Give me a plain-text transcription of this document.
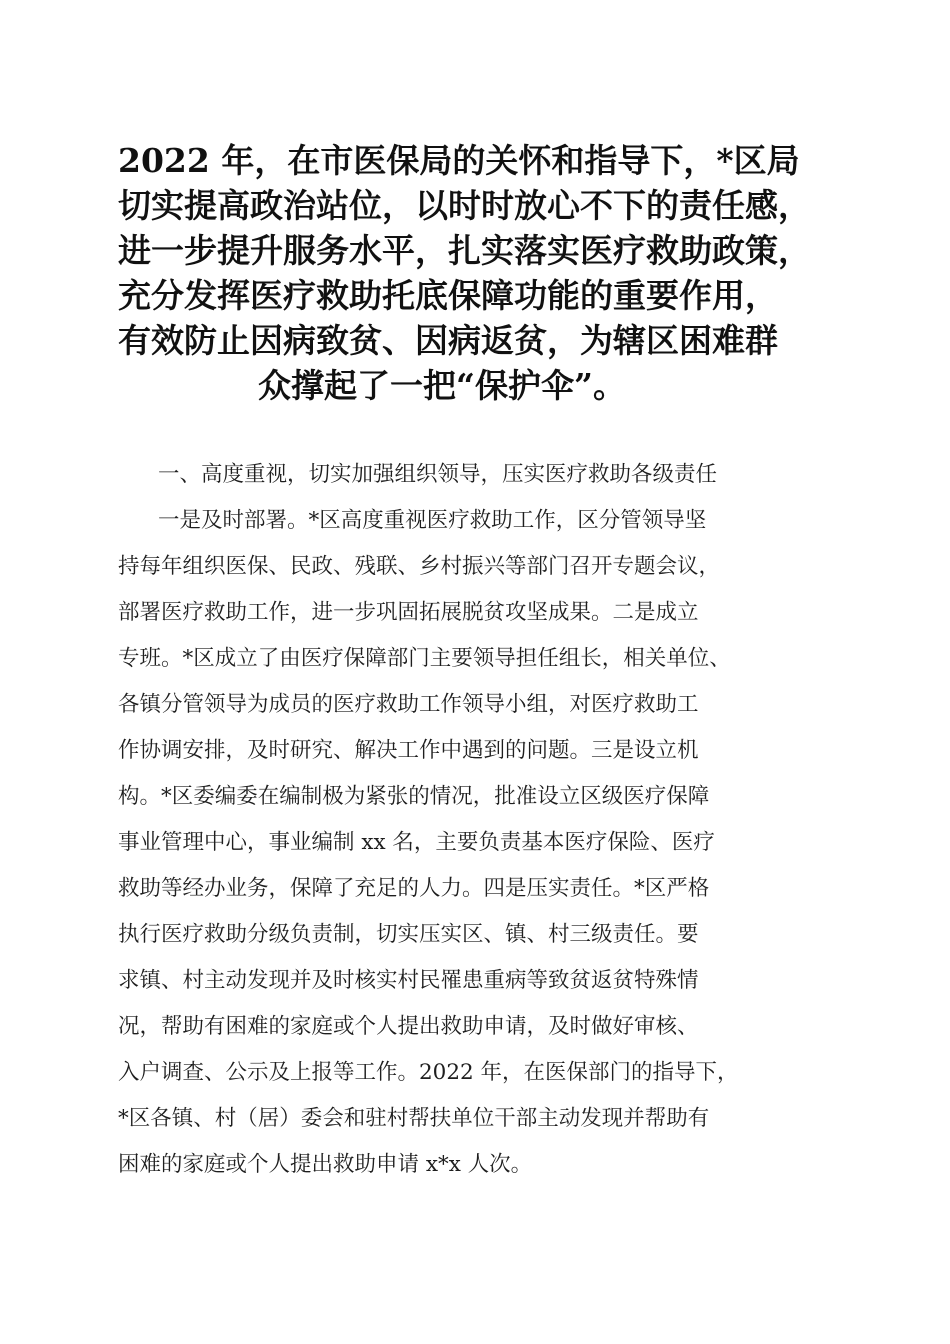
2022 年，在市医保局的关怀和指导下，*区局
切实提高政治站位，以时时放心不下的责任感，
进一步提升服务水平，扎实落实医疗救助政策，
充分发挥医疗救助托底保障功能的重要作用，
有效防止因病致贫、因病返贫，为辖区困难群
众撑起了一把“保护伞”。
一、高度重视，切实加强组织领导，压实医疗救助各级责任
一是及时部署。*区高度重视医疗救助工作，区分管领导坚
持每年组织医保、民政、残联、乡村振兴等部门召开专题会议，
部署医疗救助工作，进一步巩固拓展脱贫攻坚成果。二是成立
专班。*区成立了由医疗保障部门主要领导担任组长，相关单位、
各镇分管领导为成员的医疗救助工作领导小组，对医疗救助工
作协调安排，及时研究、解决工作中遇到的问题。三是设立机
构。*区委编委在编制极为紧张的情况，批准设立区级医疗保障
事业管理中心，事业编制 xx 名，主要负责基本医疗保险、医疗
救助等经办业务，保障了充足的人力。四是压实责任。*区严格
执行医疗救助分级负责制，切实压实区、镇、村三级责任。要
求镇、村主动发现并及时核实村民罹患重病等致贫返贫特殊情
况，帮助有困难的家庭或个人提出救助申请，及时做好审核、
入户调查、公示及上报等工作。2022 年，在医保部门的指导下，
*区各镇、村（居）委会和驻村帮扶单位干部主动发现并帮助有
困难的家庭或个人提出救助申请 x*x 人次。
